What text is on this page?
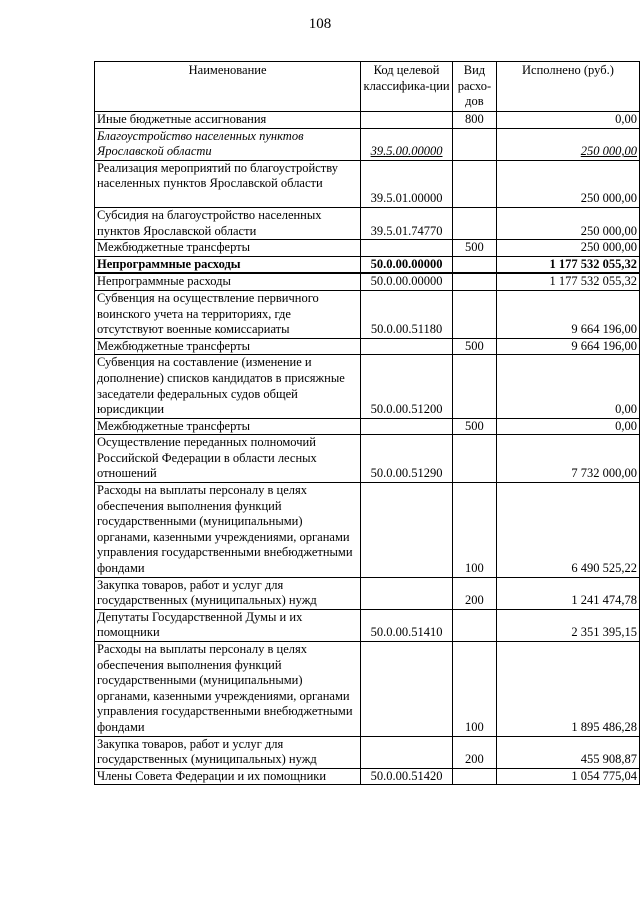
108
Наименование	Код целевой классифика-ции	Вид расхо-дов	Исполнено (руб.)
Иные бюджетные ассигнования		800	0,00
Благоустройство населенных пунктов Ярославской области	39.5.00.00000		250 000,00
Реализация мероприятий по благоустройству населенных пунктов Ярославской области	39.5.01.00000		250 000,00
Субсидия на благоустройство населенных пунктов Ярославской области	39.5.01.74770		250 000,00
Межбюджетные трансферты		500	250 000,00
Непрограммные расходы	50.0.00.00000		1 177 532 055,32
Непрограммные расходы	50.0.00.00000		1 177 532 055,32
Субвенция на осуществление первичного воинского учета на территориях, где отсутствуют военные комиссариаты	50.0.00.51180		9 664 196,00
Межбюджетные трансферты		500	9 664 196,00
Субвенция на составление (изменение и дополнение) списков кандидатов в присяжные заседатели федеральных судов общей юрисдикции	50.0.00.51200		0,00
Межбюджетные трансферты		500	0,00
Осуществление переданных полномочий Российской Федерации в области лесных отношений	50.0.00.51290		7 732 000,00
Расходы на выплаты персоналу в целях обеспечения выполнения функций государственными (муниципальными) органами, казенными учреждениями, органами управления государственными внебюджетными фондами		100	6 490 525,22
Закупка товаров, работ и услуг для государственных (муниципальных) нужд		200	1 241 474,78
Депутаты Государственной Думы и их помощники	50.0.00.51410		2 351 395,15
Расходы на выплаты персоналу в целях обеспечения выполнения функций государственными (муниципальными) органами, казенными учреждениями, органами управления государственными внебюджетными фондами		100	1 895 486,28
Закупка товаров, работ и услуг для государственных (муниципальных) нужд		200	455 908,87
Члены Совета Федерации и их помощники	50.0.00.51420		1 054 775,04
